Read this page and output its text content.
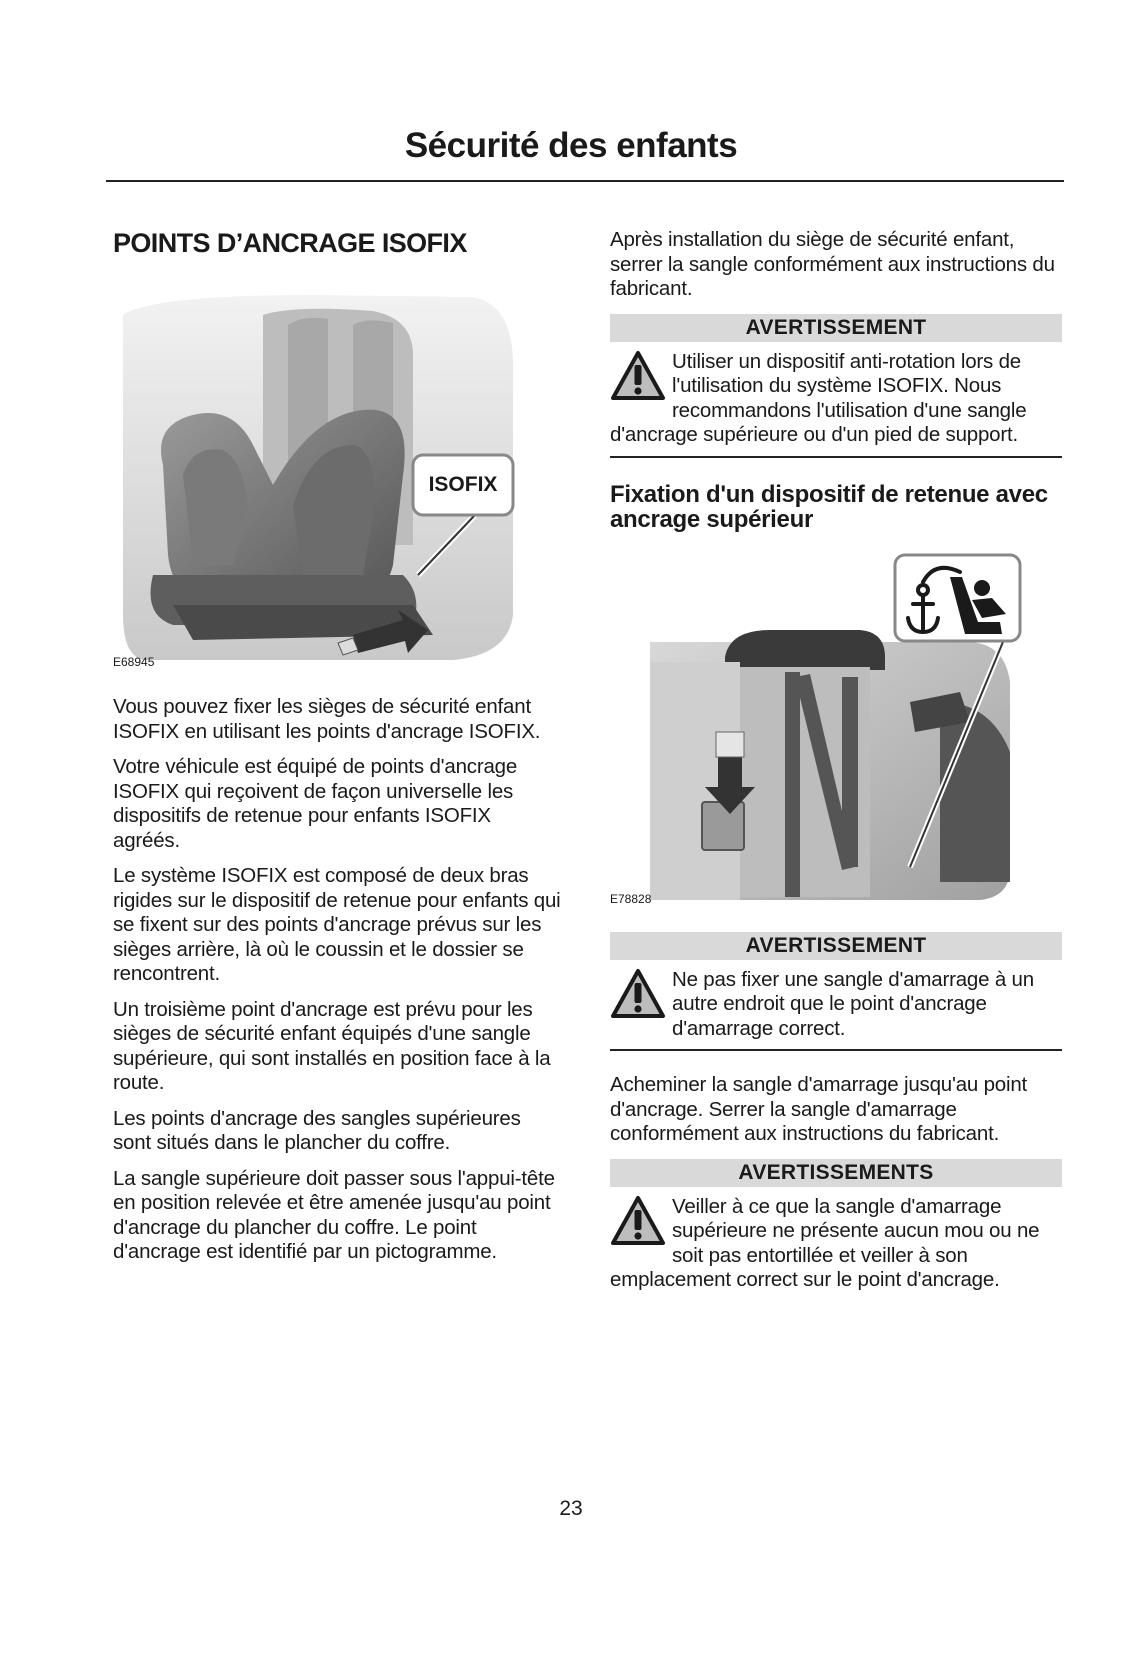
Sécurité des enfants
POINTS D’ANCRAGE ISOFIX
ISOFIX
E68945

Vous pouvez fixer les sièges de sécurité enfant ISOFIX en utilisant les points d'ancrage ISOFIX.

Votre véhicule est équipé de points d'ancrage ISOFIX qui reçoivent de façon universelle les dispositifs de retenue pour enfants ISOFIX agréés.

Le système ISOFIX est composé de deux bras rigides sur le dispositif de retenue pour enfants qui se fixent sur des points d'ancrage prévus sur les sièges arrière, là où le coussin et le dossier se rencontrent.

Un troisième point d'ancrage est prévu pour les sièges de sécurité enfant équipés d'une sangle supérieure, qui sont installés en position face à la route.

Les points d'ancrage des sangles supérieures sont situés dans le plancher du coffre.

La sangle supérieure doit passer sous l'appui-tête en position relevée et être amenée jusqu'au point d'ancrage du plancher du coffre. Le point d'ancrage est identifié par un pictogramme.

Après installation du siège de sécurité enfant, serrer la sangle conformément aux instructions du fabricant.

AVERTISSEMENT
Utiliser un dispositif anti-rotation lors de l'utilisation du système ISOFIX. Nous recommandons l'utilisation d'une sangle d'ancrage supérieure ou d'un pied de support.
Fixation d'un dispositif de retenue avec ancrage supérieur
E78828
AVERTISSEMENT
Ne pas fixer une sangle d'amarrage à un autre endroit que le point d'ancrage d'amarrage correct.

Acheminer la sangle d'amarrage jusqu'au point d'ancrage. Serrer la sangle d'amarrage conformément aux instructions du fabricant.

AVERTISSEMENTS
Veiller à ce que la sangle d'amarrage supérieure ne présente aucun mou ou ne soit pas entortillée et veiller à son emplacement correct sur le point d'ancrage.
23
